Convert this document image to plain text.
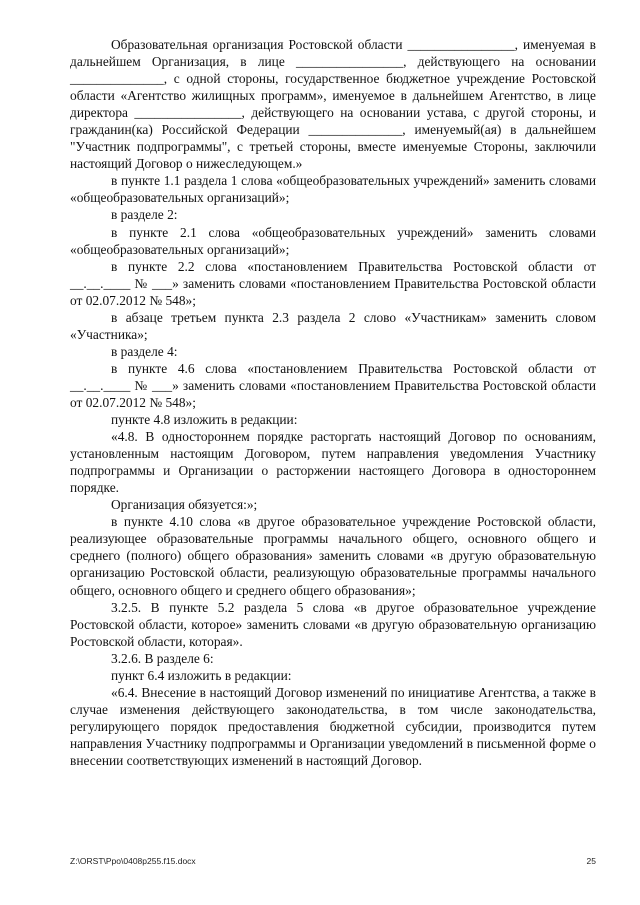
Образовательная организация Ростовской области ________________, именуемая в дальнейшем Организация, в лице ________________, действующего на основании ______________, с одной стороны, государственное бюджетное учреждение Ростовской области «Агентство жилищных программ», именуемое в дальнейшем Агентство, в лице директора ________________, действующего на основании устава, с другой стороны, и гражданин(ка) Российской Федерации ______________, именуемый(ая) в дальнейшем "Участник подпрограммы", с третьей стороны, вместе именуемые Стороны, заключили настоящий Договор о нижеследующем.»

в пункте 1.1 раздела 1 слова «общеобразовательных учреждений» заменить словами «общеобразовательных организаций»;

в разделе 2:

в пункте 2.1 слова «общеобразовательных учреждений» заменить словами «общеобразовательных организаций»;

в пункте 2.2 слова «постановлением Правительства Ростовской области от __.__.____ № ___» заменить словами «постановлением Правительства Ростовской области от 02.07.2012 № 548»;

в абзаце третьем пункта 2.3 раздела 2 слово «Участникам» заменить словом «Участника»;

в разделе 4:

в пункте 4.6 слова «постановлением Правительства Ростовской области от __.__.____ № ___» заменить словами «постановлением Правительства Ростовской области от 02.07.2012 № 548»;

пункте 4.8 изложить в редакции:

«4.8. В одностороннем порядке расторгать настоящий Договор по основаниям, установленным настоящим Договором, путем направления уведомления Участнику подпрограммы и Организации о расторжении настоящего Договора в одностороннем порядке.

Организация обязуется:»;

в пункте 4.10 слова «в другое образовательное учреждение Ростовской области, реализующее образовательные программы начального общего, основного общего и среднего (полного) общего образования» заменить словами «в другую образовательную организацию Ростовской области, реализующую образовательные программы начального общего, основного общего и среднего общего образования»;

3.2.5. В пункте 5.2 раздела 5 слова «в другое образовательное учреждение Ростовской области, которое» заменить словами «в другую образовательную организацию Ростовской области, которая».

3.2.6. В разделе 6:

пункт 6.4 изложить в редакции:

«6.4. Внесение в настоящий Договор изменений по инициативе Агентства, а также в случае изменения действующего законодательства, в том числе законодательства, регулирующего порядок предоставления бюджетной субсидии, производится путем направления Участнику подпрограммы и Организации уведомлений в письменной форме о внесении соответствующих изменений в настоящий Договор.

Z:\ORST\Ppo\0408p255.f15.docx	25
